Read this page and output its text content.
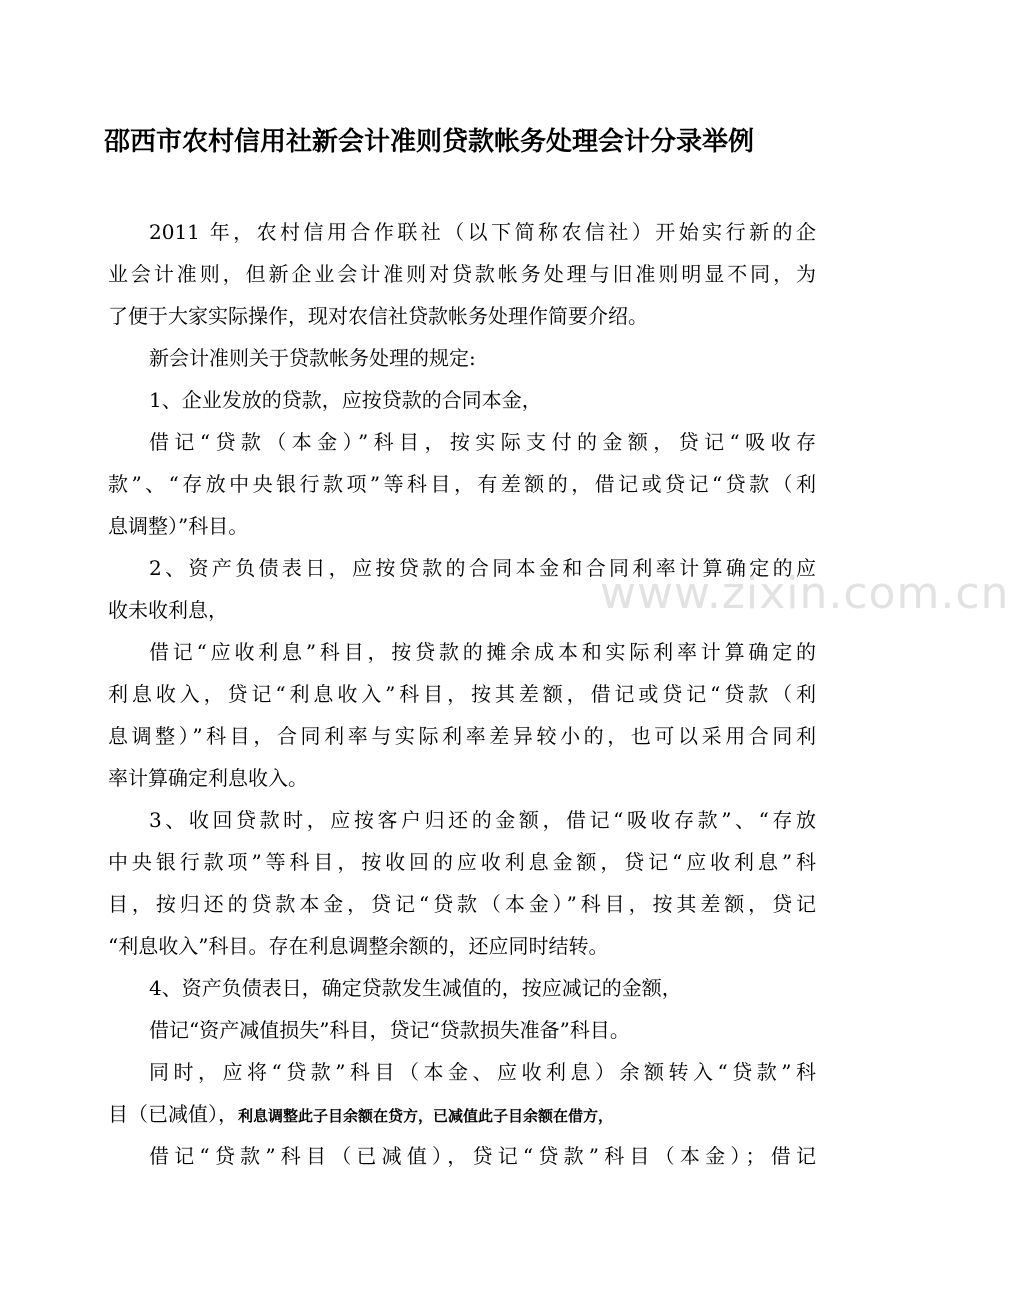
www.zixin.com.cn
邵西市农村信用社新会计准则贷款帐务处理会计分录举例
2011 年，农村信用合作联社（以下简称农信社）开始实行新的企
业会计准则，但新企业会计准则对贷款帐务处理与旧准则明显不同，为
了便于大家实际操作，现对农信社贷款帐务处理作简要介绍。
新会计准则关于贷款帐务处理的规定:
1、企业发放的贷款，应按贷款的合同本金，
借记“贷款（本金）”科目，按实际支付的金额，贷记“吸收存
款”、“存放中央银行款项”等科目，有差额的，借记或贷记“贷款（利
息调整）”科目。
2、资产负债表日，应按贷款的合同本金和合同利率计算确定的应
收未收利息，
借记“应收利息”科目，按贷款的摊余成本和实际利率计算确定的
利息收入，贷记“利息收入”科目，按其差额，借记或贷记“贷款（利
息调整）”科目，合同利率与实际利率差异较小的，也可以采用合同利
率计算确定利息收入。
3、收回贷款时，应按客户归还的金额，借记“吸收存款”、“存放
中央银行款项”等科目，按收回的应收利息金额，贷记“应收利息”科
目，按归还的贷款本金，贷记“贷款（本金）”科目，按其差额，贷记
“利息收入”科目。存在利息调整余额的，还应同时结转。
4、资产负债表日，确定贷款发生减值的，按应减记的金额，
借记“资产减值损失”科目，贷记“贷款损失准备”科目。
同时，应将“贷款”科目（本金、应收利息）余额转入“贷款”科
目（已减值），利息调整此子目余额在贷方，已减值此子目余额在借方，
借记“贷款”科目（已减值），贷记“贷款”科目（本金）；借记
